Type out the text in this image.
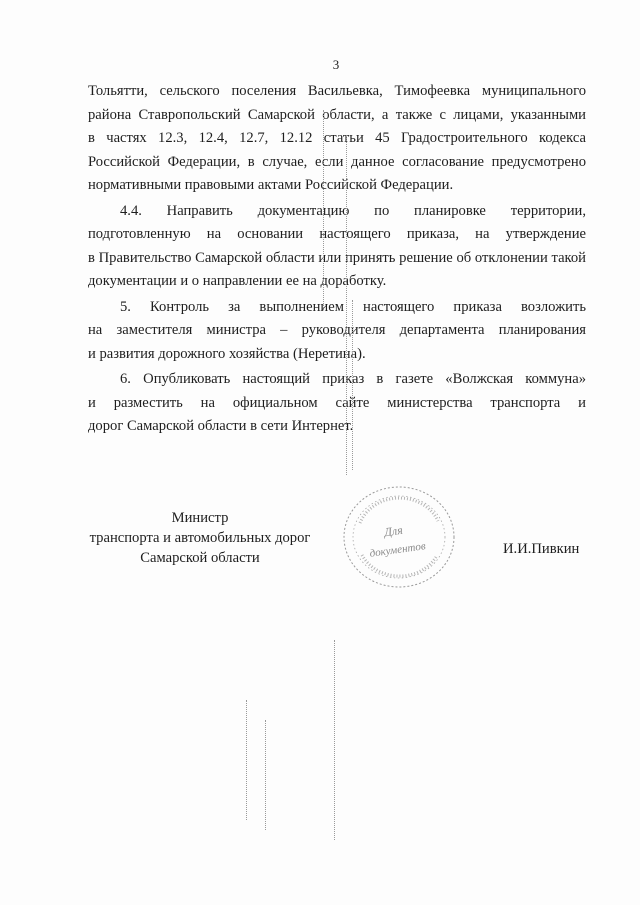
3
Тольятти, сельского поселения Васильевка, Тимофеевка муниципального
района Ставропольский Самарской области, а также с лицами, указанными
в частях 12.3, 12.4, 12.7, 12.12 статьи 45 Градостроительного кодекса
Российской Федерации, в случае, если данное согласование предусмотрено
нормативными правовыми актами Российской Федерации.
4.4. Направить документацию по планировке территории,
подготовленную на основании настоящего приказа, на утверждение
в Правительство Самарской области или принять решение об отклонении такой
документации и о направлении ее на доработку.
5. Контроль за выполнением настоящего приказа возложить
на заместителя министра – руководителя департамента планирования
и развития дорожного хозяйства (Неретина).
6. Опубликовать настоящий приказ в газете «Волжская коммуна»
и разместить на официальном сайте министерства транспорта и
дорог Самарской области в сети Интернет.
Министр
транспорта и автомобильных дорог
Самарской области
Для
документов	И.И.Пивкин
